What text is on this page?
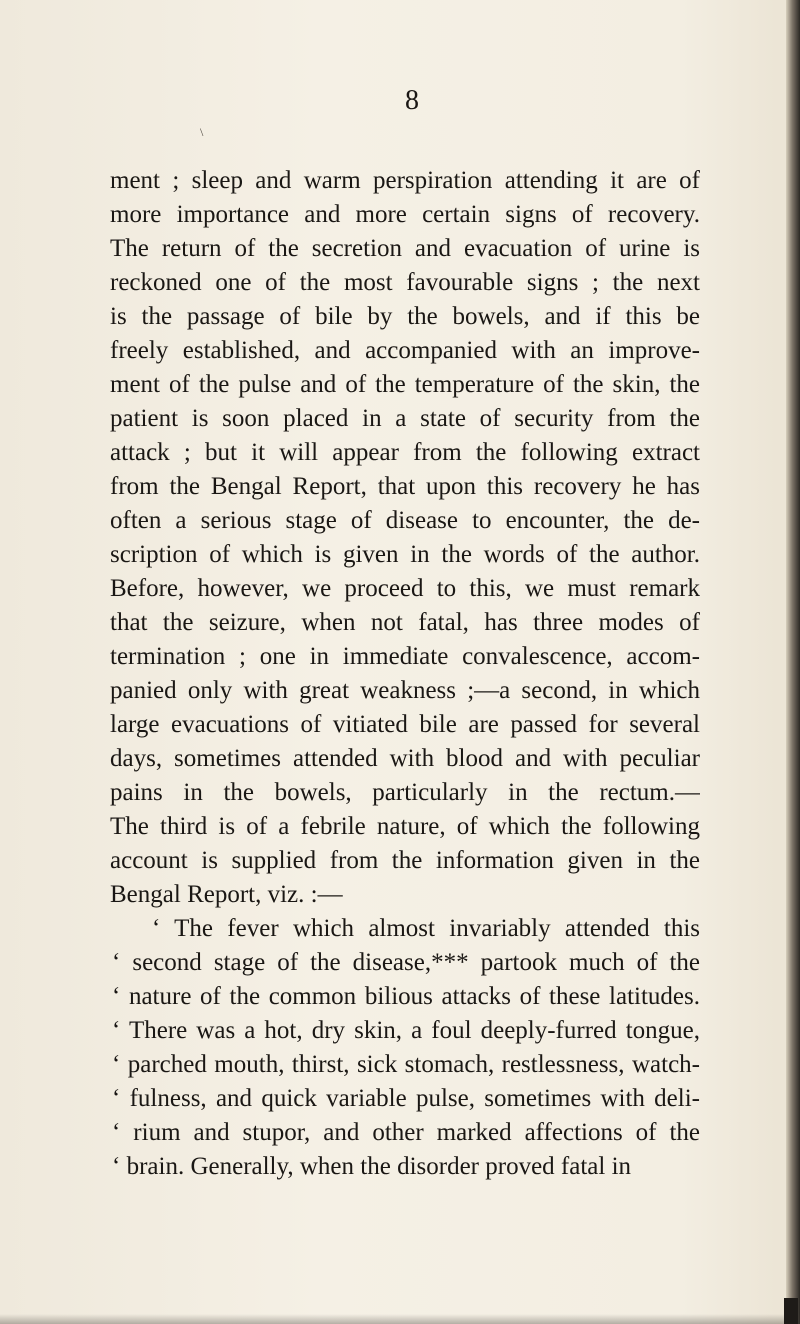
8
\
ment ; sleep and warm perspiration attending it are of
more importance and more certain signs of recovery.
The return of the secretion and evacuation of urine is
reckoned one of the most favourable signs ; the next
is the passage of bile by the bowels, and if this be
freely established, and accompanied with an improve-
ment of the pulse and of the temperature of the skin, the
patient is soon placed in a state of security from the
attack ; but it will appear from the following extract
from the Bengal Report, that upon this recovery he has
often a serious stage of disease to encounter, the de-
scription of which is given in the words of the author.
Before, however, we proceed to this, we must remark
that the seizure, when not fatal, has three modes of
termination ; one in immediate convalescence, accom-
panied only with great weakness ;—a second, in which
large evacuations of vitiated bile are passed for several
days, sometimes attended with blood and with peculiar
pains in the bowels, particularly in the rectum.—
The third is of a febrile nature, of which the following
account is supplied from the information given in the
Bengal Report, viz. :—
‘ The fever which almost invariably attended this
‘ second stage of the disease,*** partook much of the
‘ nature of the common bilious attacks of these latitudes.
‘ There was a hot, dry skin, a foul deeply-furred tongue,
‘ parched mouth, thirst, sick stomach, restlessness, watch-
‘ fulness, and quick variable pulse, sometimes with deli-
‘ rium and stupor, and other marked affections of the
‘ brain. Generally, when the disorder proved fatal in
